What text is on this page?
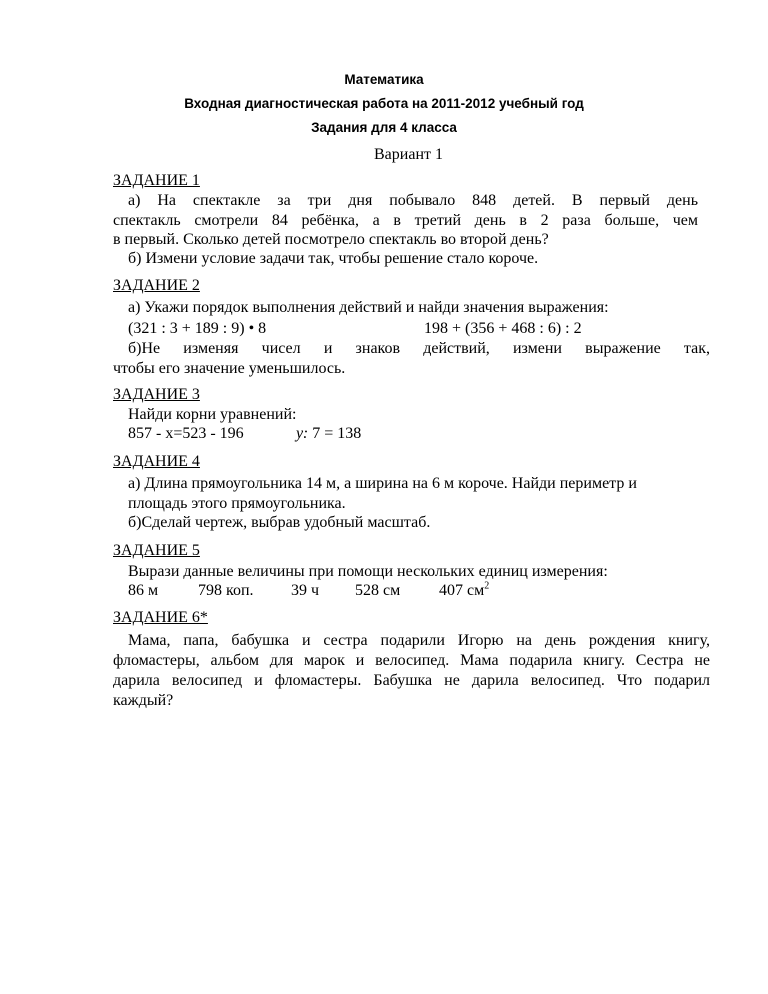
Математика
Входная диагностическая работа на 2011-2012 учебный год
Задания для 4 класса
Вариант 1
ЗАДАНИЕ 1
а) На спектакле за три дня побывало 848 детей. В первый день
спектакль смотрели 84 ребёнка, а в третий день в 2 раза больше, чем
в первый. Сколько детей посмотрело спектакль во второй день?
б) Измени условие задачи так, чтобы решение стало короче.
ЗАДАНИЕ 2
а) Укажи порядок выполнения действий и найди значения выражения:
(321 : 3 + 189 : 9) • 8	198 + (356 + 468 : 6) : 2
б)Не изменяя чисел и знаков действий, измени выражение так,
чтобы его значение уменьшилось.
ЗАДАНИЕ 3
Найди корни уравнений:
857 - х=523 - 196	у: 7 = 138
ЗАДАНИЕ 4
а) Длина прямоугольника 14 м, а ширина на 6 м короче. Найди периметр и
площадь этого прямоугольника.
б)Сделай чертеж, выбрав удобный масштаб.
ЗАДАНИЕ 5
Вырази данные величины при помощи нескольких единиц измерения:
86 м 798 коп. 39 ч 528 см 407 $см^2$
ЗАДАНИЕ 6*
Мама, папа, бабушка и сестра подарили Игорю на день рождения книгу,
фломастеры, альбом для марок и велосипед. Мама подарила книгу. Сестра не
дарила велосипед и фломастеры. Бабушка не дарила велосипед. Что подарил
каждый?
